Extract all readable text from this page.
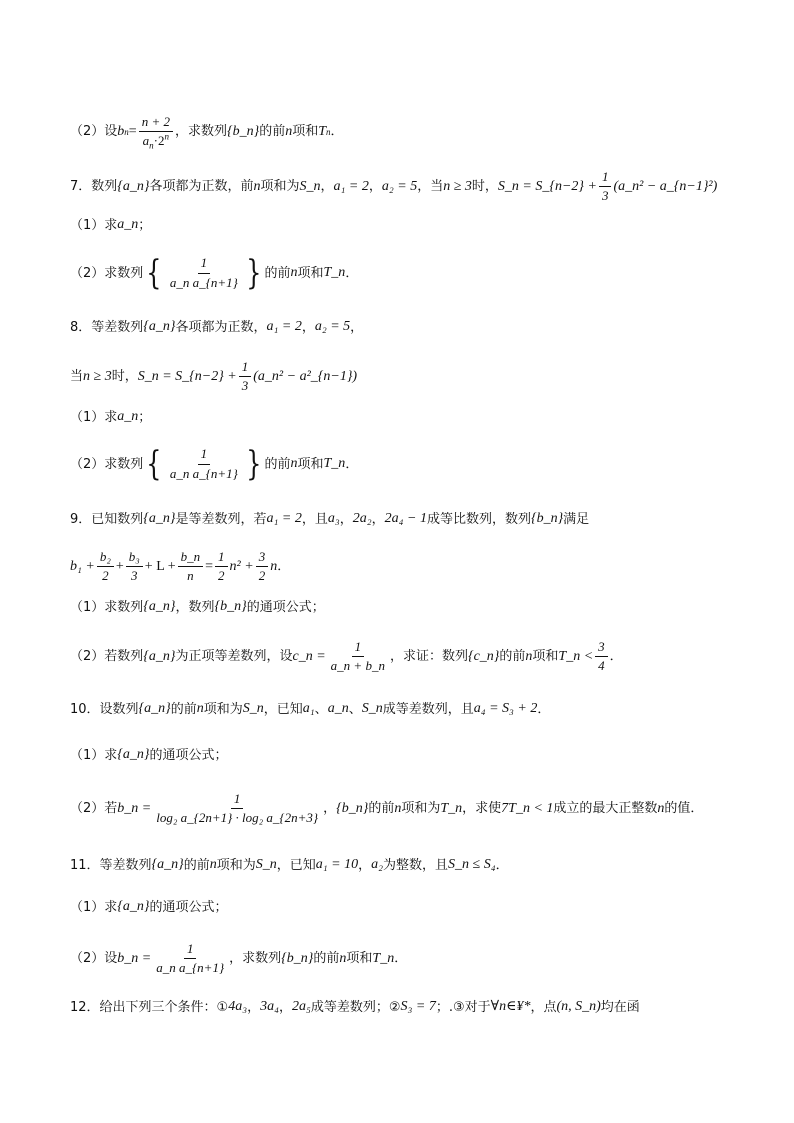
（2）设 b $n = \frac{n + 2}{a_n\cdot 2^n}$ ，求数列 {b_n} 的前 n 项和 T n ．
7．数列 {a_n} 各项都为正数，前 n 项和为 S_n ， a₁ = 2 ， a₂ = 5 ，当 n ≥ 3 时， S_n = S_{n−2} + $\frac{1}{3}$ (a_n² − a_{n−1}²)
（1）求 a_n ；
（2）求数列 { $\frac{1}{\text{a\_n a\_\{n+1\}}}$ } 的前 n 项和 T_n ．
8．等差数列 {a_n} 各项都为正数， a₁ = 2 ， a₂ = 5 ，
当 n ≥ 3 时， S_n = S_{n−2} + $\frac{1}{3}$ (a_n² − a²_{n−1})
（1）求 a_n ；
（2）求数列 { $\frac{1}{\text{a\_n a\_\{n+1\}}}$ } 的前 n 项和 T_n ．
9．已知数列 {a_n} 是等差数列，若 a₁ = 2 ，且 a₃ ， 2a₂ ， 2a₄ − 1 成等比数列，数列 {b_n} 满足
$b_1 + \frac{\text{b₂}}{2} + \frac{\text{b₃}}{3} + L + \frac{b\_n}{n} = \frac{1}{2} n^2 + \frac{3}{2}$ n ．
（1）求数列 {a_n} ，数列 {b_n} 的通项公式；
（2）若数列 {a_n} 为正项等差数列，设 c_n = $\frac{1}{a\_n + b\_n}$ ，求证：数列 {c_n} 的前 n 项和 T_n < $\frac{3}{4}$ ．
10．设数列 {a_n} 的前 n 项和为 S_n ，已知 a₁ 、 a_n 、 S_n 成等差数列，且 a₄ = S₃ + 2 ．
（1）求 {a_n} 的通项公式；
（2）若 b_n = $\frac{1}{\text{log₂ a\_\{2n+1\} · log₂ a\_\{2n+3\}}}$ ， {b_n} 的前 n 项和为 T_n ，求使 7T_n < 1 成立的最大正整数 n 的值．
11．等差数列 {a_n} 的前 n 项和为 S_n ，已知 a₁ = 10 ， a₂ 为整数，且 S_n ≤ S₄ ．
（1）求 {a_n} 的通项公式；
（2）设 b_n = $\frac{1}{\text{a\_n a\_\{n+1\}}}$ ，求数列 {b_n} 的前 n 项和 T_n ．
12．给出下列三个条件：① 4a₃ ， 3a₄ ， 2a₅ 成等差数列；② S₃ = 7 ；.③对于 ∀n∈¥* ，点 (n, S_n) 均在函
